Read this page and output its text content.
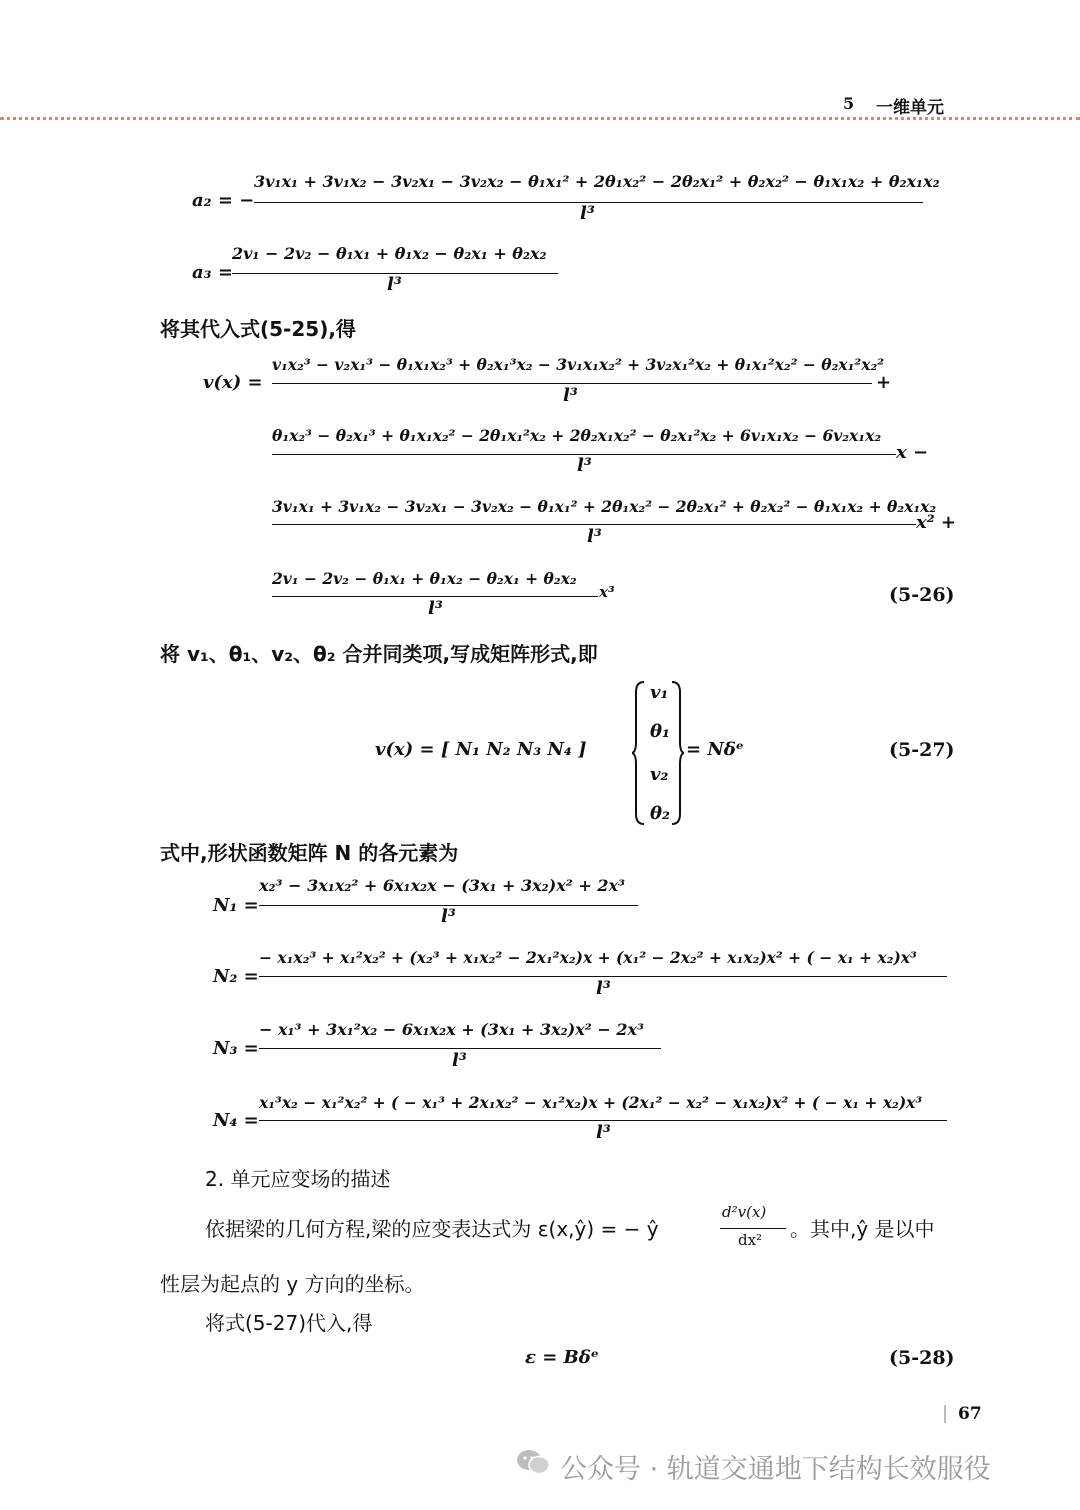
5 一维单元
a₂ = −
3v₁x₁ + 3v₁x₂ − 3v₂x₁ − 3v₂x₂ − θ₁x₁² + 2θ₁x₂² − 2θ₂x₁² + θ₂x₂² − θ₁x₁x₂ + θ₂x₁x₂
l³
a₃ =
2v₁ − 2v₂ − θ₁x₁ + θ₁x₂ − θ₂x₁ + θ₂x₂
l³
将其代入式(5-25),得
v(x) =
v₁x₂³ − v₂x₁³ − θ₁x₁x₂³ + θ₂x₁³x₂ − 3v₁x₁x₂² + 3v₂x₁²x₂ + θ₁x₁²x₂² − θ₂x₁²x₂²
l³
+
θ₁x₂³ − θ₂x₁³ + θ₁x₁x₂² − 2θ₁x₁²x₂ + 2θ₂x₁x₂² − θ₂x₁²x₂ + 6v₁x₁x₂ − 6v₂x₁x₂
l³
x −
3v₁x₁ + 3v₁x₂ − 3v₂x₁ − 3v₂x₂ − θ₁x₁² + 2θ₁x₂² − 2θ₂x₁² + θ₂x₂² − θ₁x₁x₂ + θ₂x₁x₂
l³
x² +
2v₁ − 2v₂ − θ₁x₁ + θ₁x₂ − θ₂x₁ + θ₂x₂
l³
x³	(5-26)
将 v₁、θ₁、v₂、θ₂ 合并同类项,写成矩阵形式,即
v(x) = [ N₁ N₂ N₃ N₄ ]
v₁
θ₁
v₂
θ₂
= Nδᵉ	(5-27)
式中,形状函数矩阵 N 的各元素为
N₁ =
x₂³ − 3x₁x₂² + 6x₁x₂x − (3x₁ + 3x₂)x² + 2x³
l³
N₂ =
− x₁x₂³ + x₁²x₂² + (x₂³ + x₁x₂² − 2x₁²x₂)x + (x₁² − 2x₂² + x₁x₂)x² + ( − x₁ + x₂)x³
l³
N₃ =
− x₁³ + 3x₁²x₂ − 6x₁x₂x + (3x₁ + 3x₂)x² − 2x³
l³
N₄ =
x₁³x₂ − x₁²x₂² + ( − x₁³ + 2x₁x₂² − x₁²x₂)x + (2x₁² − x₂² − x₁x₂)x² + ( − x₁ + x₂)x³
l³
2. 单元应变场的描述
依据梁的几何方程,梁的应变表达式为 ε(x,ŷ) = − ŷ
d²v(x)
dx² 。其中,ŷ 是以中
性层为起点的 y 方向的坐标。
将式(5-27)代入,得
ε = Bδᵉ	(5-28)
67
公众号 · 轨道交通地下结构长效服役
